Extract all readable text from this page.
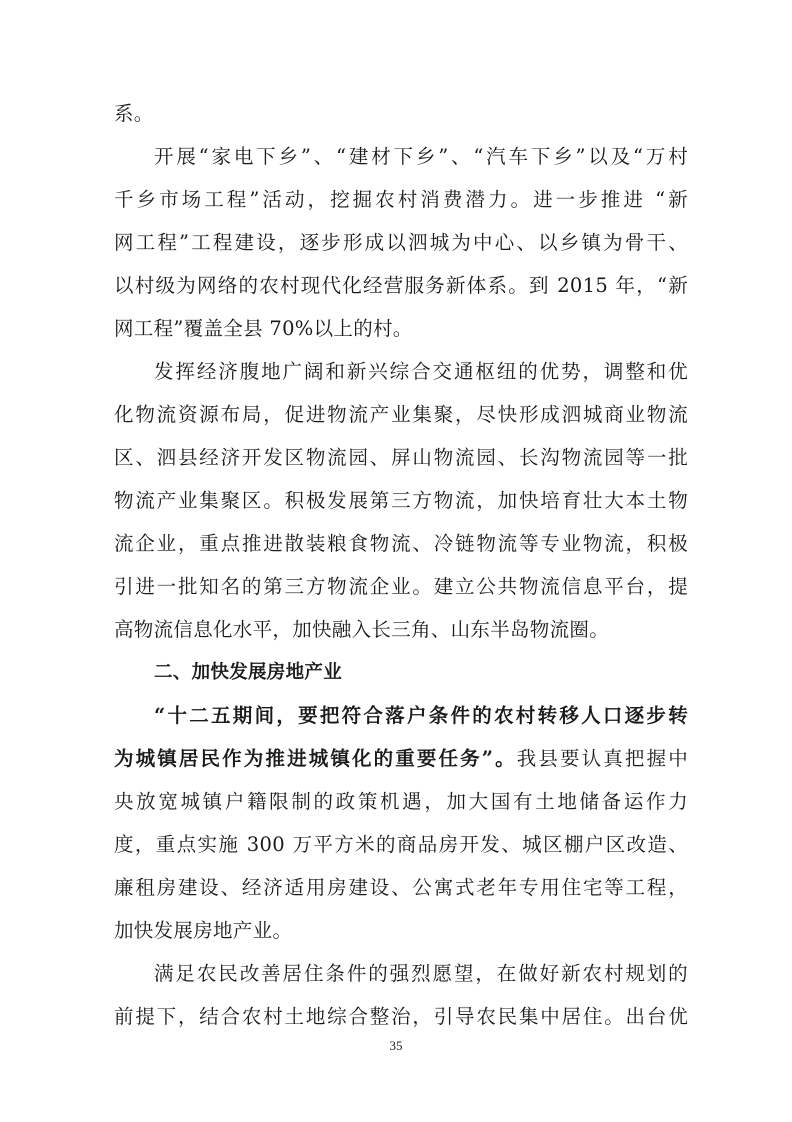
系。
开展“家电下乡”、“建材下乡”、“汽车下乡”以及“万村
千乡市场工程”活动，挖掘农村消费潜力。进一步推进 “新
网工程”工程建设，逐步形成以泗城为中心、以乡镇为骨干、
以村级为网络的农村现代化经营服务新体系。到 2015 年，“新
网工程”覆盖全县 70%以上的村。
发挥经济腹地广阔和新兴综合交通枢纽的优势，调整和优
化物流资源布局，促进物流产业集聚，尽快形成泗城商业物流
区、泗县经济开发区物流园、屏山物流园、长沟物流园等一批
物流产业集聚区。积极发展第三方物流，加快培育壮大本土物
流企业，重点推进散装粮食物流、冷链物流等专业物流，积极
引进一批知名的第三方物流企业。建立公共物流信息平台，提
高物流信息化水平，加快融入长三角、山东半岛物流圈。
二、加快发展房地产业
“十二五期间，要把符合落户条件的农村转移人口逐步转
为城镇居民作为推进城镇化的重要任务”。我县要认真把握中
央放宽城镇户籍限制的政策机遇，加大国有土地储备运作力
度，重点实施 300 万平方米的商品房开发、城区棚户区改造、
廉租房建设、经济适用房建设、公寓式老年专用住宅等工程，
加快发展房地产业。
满足农民改善居住条件的强烈愿望，在做好新农村规划的
前提下，结合农村土地综合整治，引导农民集中居住。出台优
35
